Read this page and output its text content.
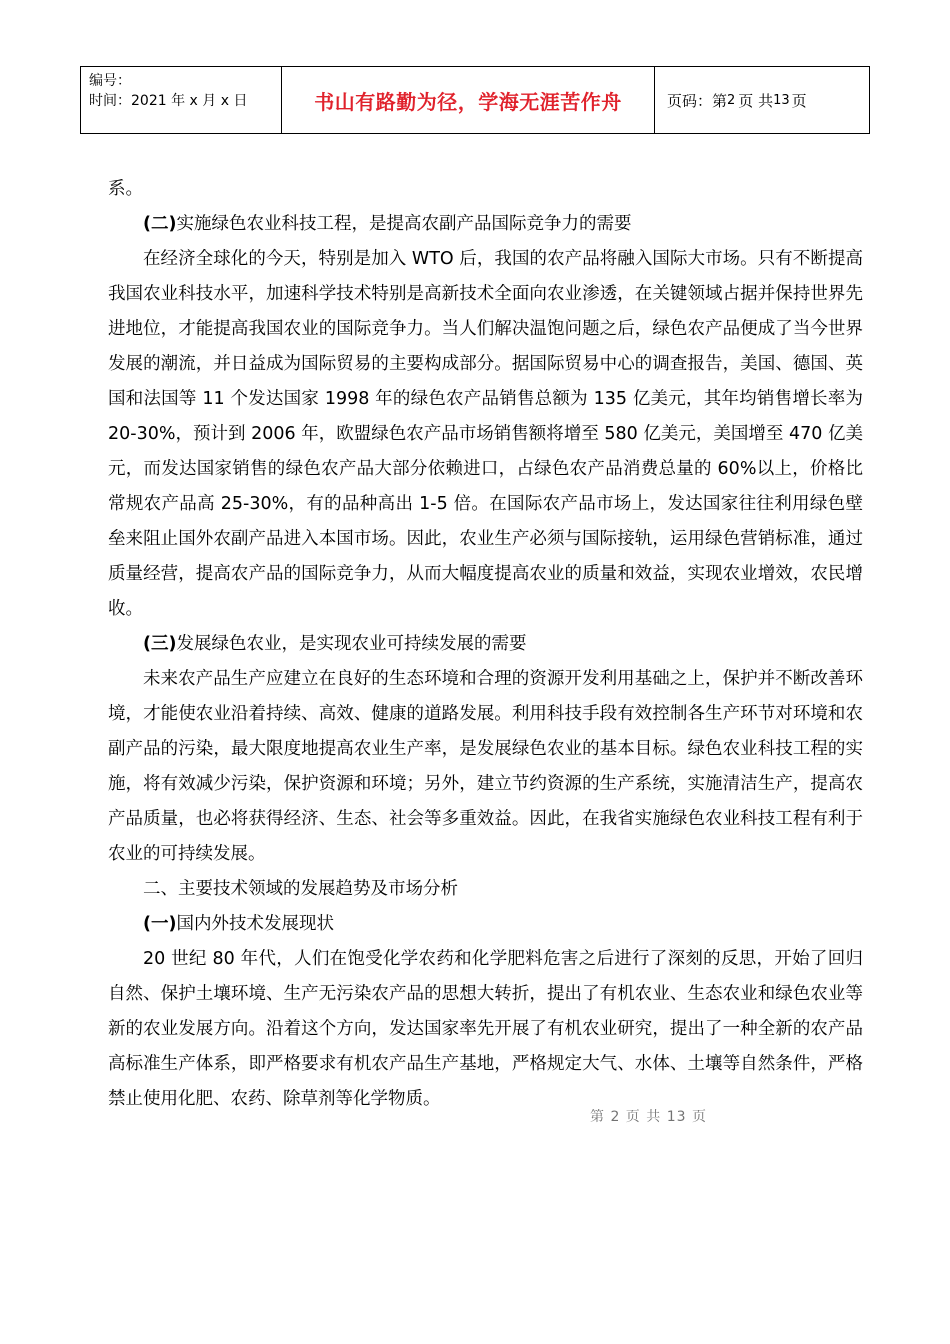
编号：
时间：2021 年 x 月 x 日	书山有路勤为径，学海无涯苦作舟	页码：第 2 页 共 13 页

系。

(二)实施绿色农业科技工程，是提高农副产品国际竞争力的需要

在经济全球化的今天，特别是加入 WTO 后，我国的农产品将融入国际大市场。只有不断提高我国农业科技水平，加速科学技术特别是高新技术全面向农业渗透，在关键领域占据并保持世界先进地位，才能提高我国农业的国际竞争力。当人们解决温饱问题之后，绿色农产品便成了当今世界发展的潮流，并日益成为国际贸易的主要构成部分。据国际贸易中心的调查报告，美国、德国、英国和法国等 11 个发达国家 1998 年的绿色农产品销售总额为 135 亿美元，其年均销售增长率为 20-30%，预计到 2006 年，欧盟绿色农产品市场销售额将增至 580 亿美元，美国增至 470 亿美元，而发达国家销售的绿色农产品大部分依赖进口，占绿色农产品消费总量的 60%以上，价格比常规农产品高 25-30%，有的品种高出 1-5 倍。在国际农产品市场上，发达国家往往利用绿色壁垒来阻止国外农副产品进入本国市场。因此，农业生产必须与国际接轨，运用绿色营销标准，通过质量经营，提高农产品的国际竞争力，从而大幅度提高农业的质量和效益，实现农业增效，农民增收。

(三)发展绿色农业，是实现农业可持续发展的需要

未来农产品生产应建立在良好的生态环境和合理的资源开发利用基础之上，保护并不断改善环境，才能使农业沿着持续、高效、健康的道路发展。利用科技手段有效控制各生产环节对环境和农副产品的污染，最大限度地提高农业生产率，是发展绿色农业的基本目标。绿色农业科技工程的实施，将有效减少污染，保护资源和环境；另外，建立节约资源的生产系统，实施清洁生产，提高农产品质量，也必将获得经济、生态、社会等多重效益。因此，在我省实施绿色农业科技工程有利于农业的可持续发展。

二、主要技术领域的发展趋势及市场分析

(一)国内外技术发展现状

20 世纪 80 年代，人们在饱受化学农药和化学肥料危害之后进行了深刻的反思，开始了回归自然、保护土壤环境、生产无污染农产品的思想大转折，提出了有机农业、生态农业和绿色农业等新的农业发展方向。沿着这个方向，发达国家率先开展了有机农业研究，提出了一种全新的农产品高标准生产体系，即严格要求有机农产品生产基地，严格规定大气、水体、土壤等自然条件，严格禁止使用化肥、农药、除草剂等化学物质。

第 2 页 共 13 页
